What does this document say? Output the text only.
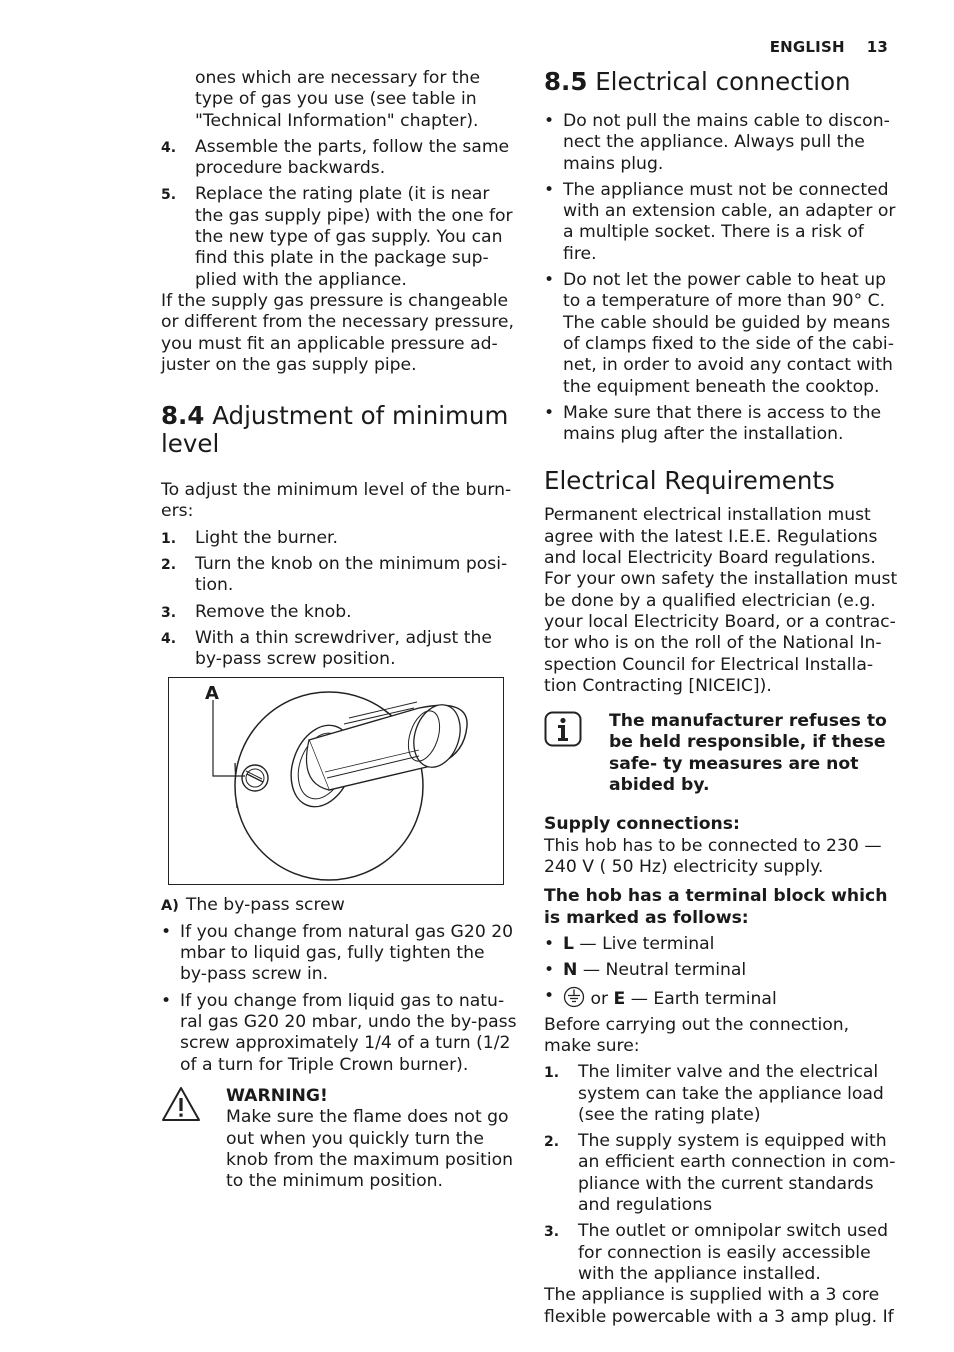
ENGLISH 13

ones which are necessary for the type of gas you use (see table in "Technical Information" chapter).

4. Assemble the parts, follow the same procedure backwards.
5. Replace the rating plate (it is near the gas supply pipe) with the one for the new type of gas supply. You can find this plate in the package sup- plied with the appliance.

If the supply gas pressure is changeable or different from the necessary pressure, you must fit an applicable pressure ad- juster on the gas supply pipe.

8.4 Adjustment of minimum level

To adjust the minimum level of the burn- ers:

1. Light the burner.
2. Turn the knob on the minimum posi- tion.
3. Remove the knob.
4. With a thin screwdriver, adjust the by-pass screw position.
A

A) The by-pass screw

• If you change from natural gas G20 20 mbar to liquid gas, fully tighten the by-pass screw in.
• If you change from liquid gas to natu- ral gas G20 20 mbar, undo the by-pass screw approximately 1/4 of a turn (1/2 of a turn for Triple Crown burner).

WARNING!

Make sure the flame does not go out when you quickly turn the knob from the maximum position to the minimum position.

8.5 Electrical connection
• Do not pull the mains cable to discon- nect the appliance. Always pull the mains plug.
• The appliance must not be connected with an extension cable, an adapter or a multiple socket. There is a risk of fire.
• Do not let the power cable to heat up to a temperature of more than 90° C. The cable should be guided by means of clamps fixed to the side of the cabi- net, in order to avoid any contact with the equipment beneath the cooktop.
• Make sure that there is access to the mains plug after the installation.
Electrical Requirements

Permanent electrical installation must agree with the latest I.E.E. Regulations and local Electricity Board regulations. For your own safety the installation must be done by a qualified electrician (e.g. your local Electricity Board, or a contrac- tor who is on the roll of the National In- spection Council for Electrical Installa- tion Contracting [NICEIC]).

The manufacturer refuses to be held responsible, if these safe- ty measures are not abided by.

Supply connections:

This hob has to be connected to 230 — 240 V ( 50 Hz) electricity supply.

The hob has a terminal block which is marked as follows:

• L — Live terminal
• N — Neutral terminal
• or E — Earth terminal

Before carrying out the connection, make sure:

1. The limiter valve and the electrical system can take the appliance load (see the rating plate)
2. The supply system is equipped with an efficient earth connection in com- pliance with the current standards and regulations
3. The outlet or omnipolar switch used for connection is easily accessible with the appliance installed.

The appliance is supplied with a 3 core flexible powercable with a 3 amp plug. If
